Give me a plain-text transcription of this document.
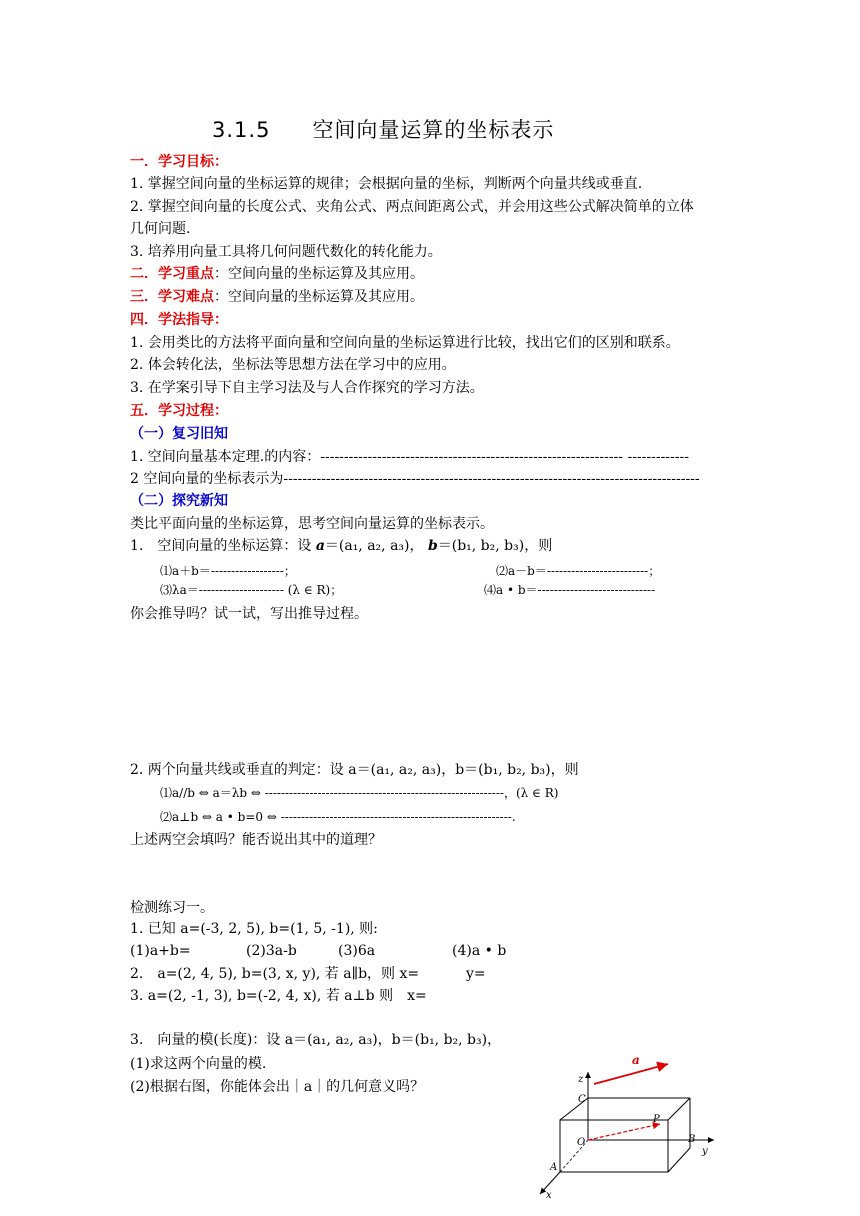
3.1.5 空间向量运算的坐标表示
一．学习目标：
1. 掌握空间向量的坐标运算的规律；会根据向量的坐标，判断两个向量共线或垂直.
2. 掌握空间向量的长度公式、夹角公式、两点间距离公式，并会用这些公式解决简单的立体
几何问题.
3. 培养用向量工具将几何问题代数化的转化能力。
二．学习重点：空间向量的坐标运算及其应用。
三．学习难点：空间向量的坐标运算及其应用。
四．学法指导：
1. 会用类比的方法将平面向量和空间向量的坐标运算进行比较，找出它们的区别和联系。
2. 体会转化法，坐标法等思想方法在学习中的应用。
3. 在学案引导下自主学习法及与人合作探究的学习方法。
五．学习过程：
（一）复习旧知
1. 空间向量基本定理.的内容：---------------------------------------------------------------- -------------
2 空间向量的坐标表示为----------------------------------------------------------------------------------------
（二）探究新知
类比平面向量的坐标运算，思考空间向量运算的坐标表示。
1.　空间向量的坐标运算：设 a＝(a₁, a₂, a₃)， b＝(b₁, b₂, b₃)，则
⑴a＋b＝------------------；	⑵a－b＝-------------------------；
⑶λa＝--------------------- (λ ∈ R)；	⑷a • b＝-----------------------------
你会推导吗？试一试，写出推导过程。
2. 两个向量共线或垂直的判定：设 a＝(a₁, a₂, a₃)，b＝(b₁, b₂, b₃)，则
⑴a//b ⇔ a＝λb ⇔ -----------------------------------------------------------，(λ ∈ R)
⑵a⊥b ⇔ a • b=0 ⇔ ---------------------------------------------------------.
上述两空会填吗？能否说出其中的道理？
检测练习一。
1. 已知 a=(-3, 2, 5), b=(1, 5, -1), 则:
(1)a+b=	(2)3a-b	(3)6a	(4)a • b
2.　a=(2, 4, 5), b=(3, x, y), 若 a∥b，则 x=	y=
3. a=(2, -1, 3), b=(-2, 4, x), 若 a⊥b 则　x=
3.　向量的模(长度)：设 a＝(a₁, a₂, a₃)，b＝(b₁, b₂, b₃)，
(1)求这两个向量的模.
(2)根据右图，你能体会出｜a｜的几何意义吗？
a
z
y
x
C
P
O	B
A
